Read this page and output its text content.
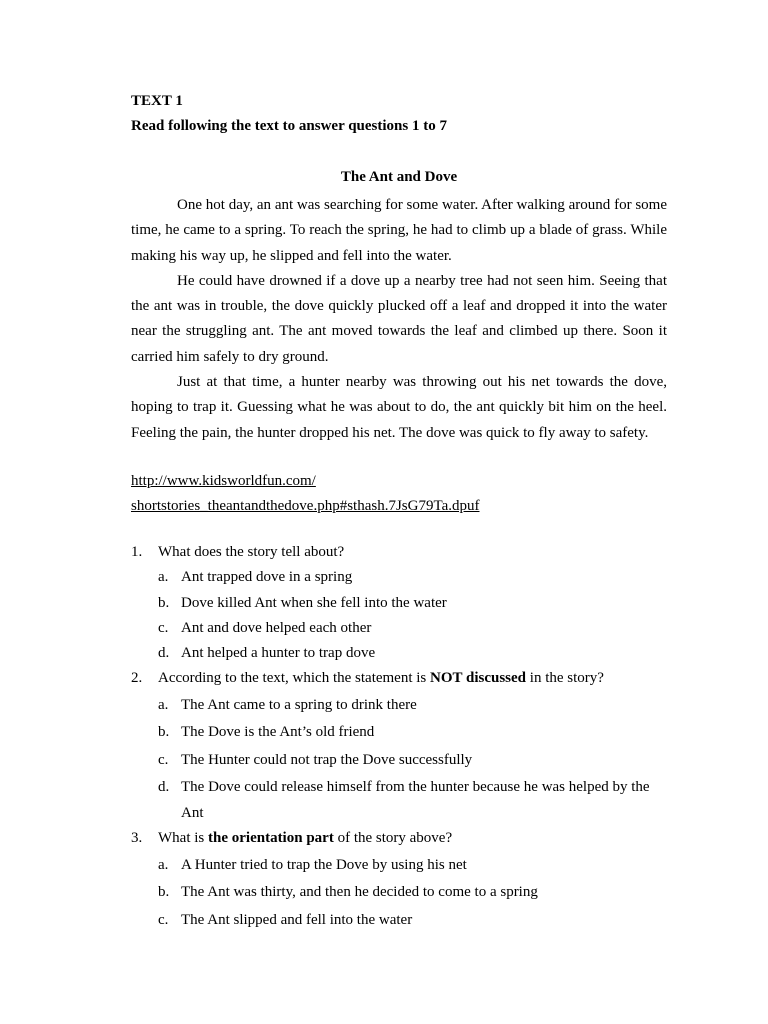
TEXT 1
Read following the text to answer questions 1 to 7
The Ant and Dove

One hot day, an ant was searching for some water. After walking around for some time, he came to a spring. To reach the spring, he had to climb up a blade of grass. While making his way up, he slipped and fell into the water.

He could have drowned if a dove up a nearby tree had not seen him. Seeing that the ant was in trouble, the dove quickly plucked off a leaf and dropped it into the water near the struggling ant. The ant moved towards the leaf and climbed up there. Soon it carried him safely to dry ground.

Just at that time, a hunter nearby was throwing out his net towards the dove, hoping to trap it. Guessing what he was about to do, the ant quickly bit him on the heel. Feeling the pain, the hunter dropped his net. The dove was quick to fly away to safety.

http://www.kidsworldfun.com/
shortstories_theantandthedove.php#sthash.7JsG79Ta.dpuf
1. What does the story tell about?
a. Ant trapped dove in a spring
b. Dove killed Ant when she fell into the water
c. Ant and dove helped each other
d. Ant helped a hunter to trap dove
2. According to the text, which the statement is NOT discussed in the story?
a. The Ant came to a spring to drink there
b. The Dove is the Ant’s old friend
c. The Hunter could not trap the Dove successfully
d. The Dove could release himself from the hunter because he was helped by the Ant
3. What is the orientation part of the story above?
a. A Hunter tried to trap the Dove by using his net
b. The Ant was thirty, and then he decided to come to a spring
c. The Ant slipped and fell into the water
